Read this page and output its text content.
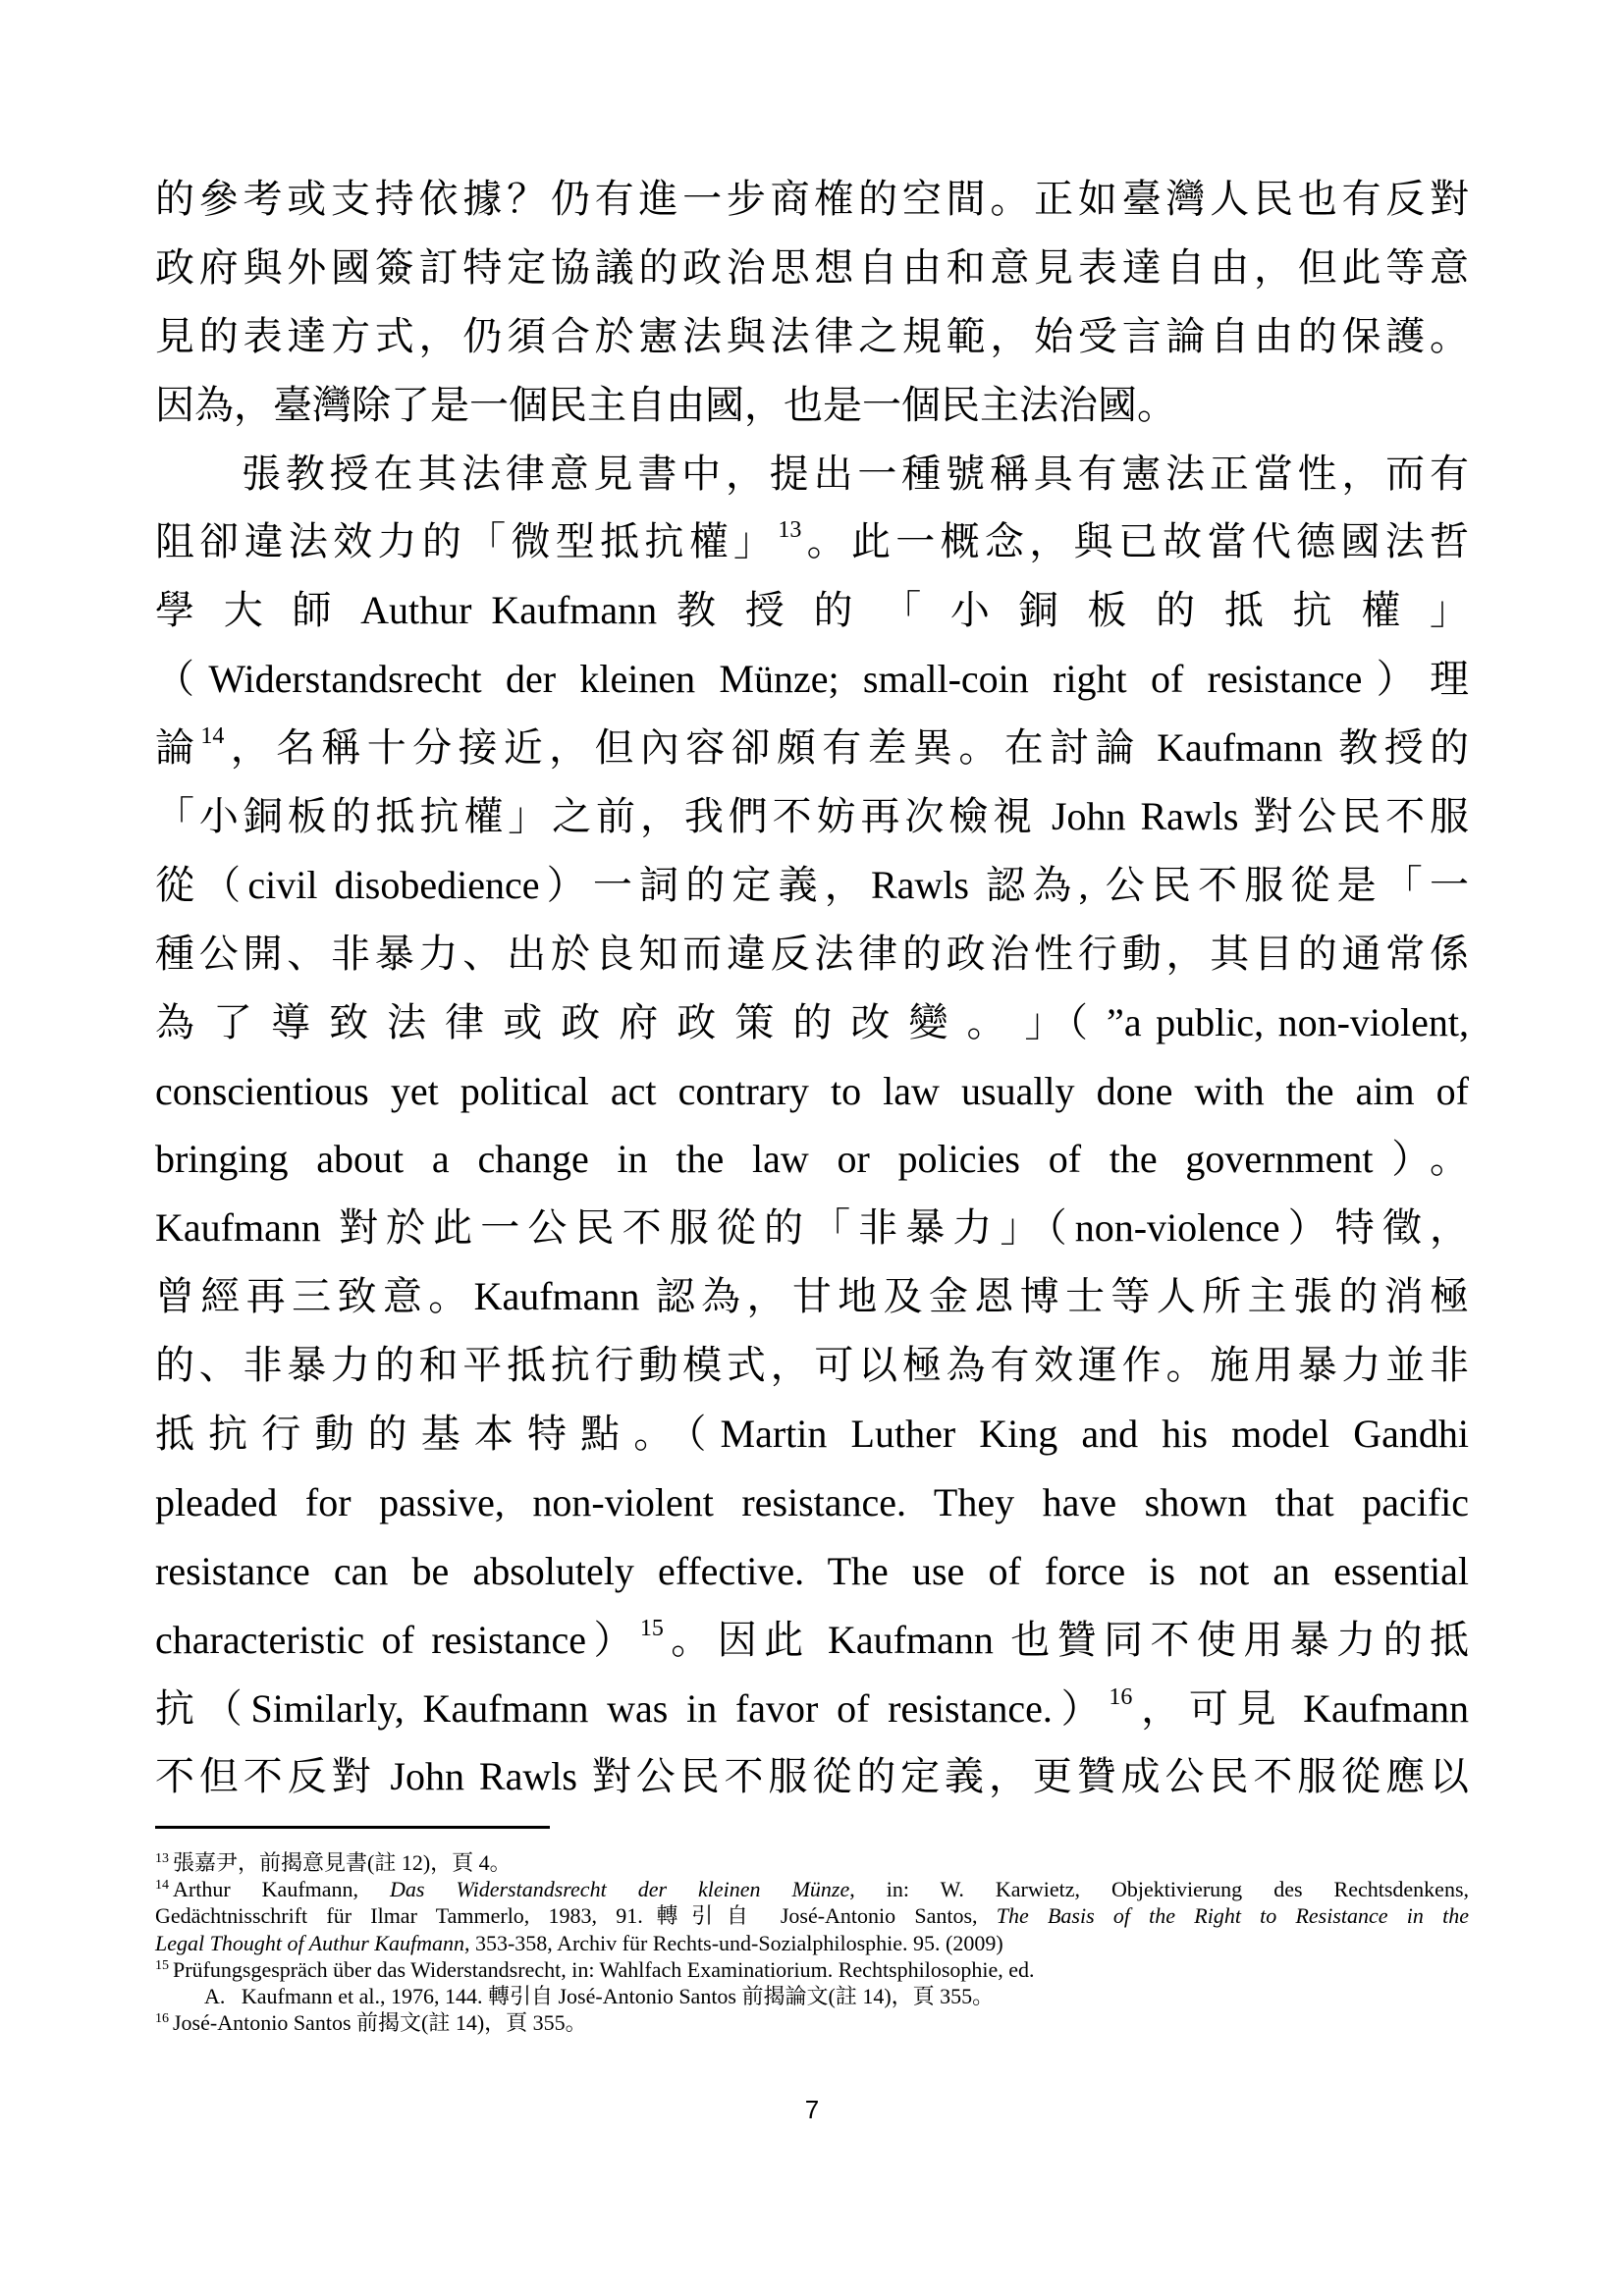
的參考或支持依據？仍有進一步商榷的空間。正如臺灣人民也有反對
政府與外國簽訂特定協議的政治思想自由和意見表達自由，但此等意
見的表達方式，仍須合於憲法與法律之規範，始受言論自由的保護。
因為，臺灣除了是一個民主自由國，也是一個民主法治國。
張教授在其法律意見書中，提出一種號稱具有憲法正當性，而有
阻卻違法效力的「微型抵抗權」$^{13}$。此一概念，與已故當代德國法哲
學 大 師 Authur Kaufmann 教 授 的 「 小 銅 板 的 抵 抗 權 」
（Widerstandsrecht der kleinen Münze; small-coin right of resistance）理
論$^{14}$，名稱十分接近，但內容卻頗有差異。在討論 Kaufmann 教授的
「小銅板的抵抗權」之前，我們不妨再次檢視 John Rawls 對公民不服
從（civil disobedience）一詞的定義，Rawls 認為, 公民不服從是「一
種公開、非暴力、出於良知而違反法律的政治性行動，其目的通常係
為 了 導 致 法 律 或 政 府 政 策 的 改 變 。 」（ ”a public, non-violent,
conscientious yet political act contrary to law usually done with the aim of
bringing about a change in the law or policies of the government）。
Kaufmann 對於此一公民不服從的「非暴力」（non-violence）特徵，
曾經再三致意。Kaufmann 認為，甘地及金恩博士等人所主張的消極
的、非暴力的和平抵抗行動模式，可以極為有效運作。施用暴力並非
抵抗行動的基本特點。（Martin Luther King and his model Gandhi
pleaded for passive, non-violent resistance. They have shown that pacific
resistance can be absolutely effective. The use of force is not an essential
characteristic of resistance）$^{15}$。因此 Kaufmann 也贊同不使用暴力的抵
抗（Similarly, Kaufmann was in favor of resistance.）$^{16}$，可見 Kaufmann
不但不反對 John Rawls 對公民不服從的定義，更贊成公民不服從應以
$^{13}$ 張嘉尹，前揭意見書(註 12)，頁 4。
$^{14}$ Arthur Kaufmann, Das Widerstandsrecht der kleinen Münze, in: W. Karwietz, Objektivierung des Rechtsdenkens,
Gedächtnisschrift für Ilmar Tammerlo, 1983, 91.轉引自 José-Antonio Santos, The Basis of the Right to Resistance in the
Legal Thought of Authur Kaufmann, 353-358, Archiv für Rechts-und-Sozialphilosphie. 95. (2009)
$^{15}$ Prüfungsgespräch über das Widerstandsrecht, in: Wahlfach Examinatiorium. Rechtsphilosophie, ed.
A.   Kaufmann et al., 1976, 144. 轉引自 José-Antonio Santos 前揭論文(註 14)，頁 355。
$^{16}$ José-Antonio Santos 前揭文(註 14)，頁 355。
7
